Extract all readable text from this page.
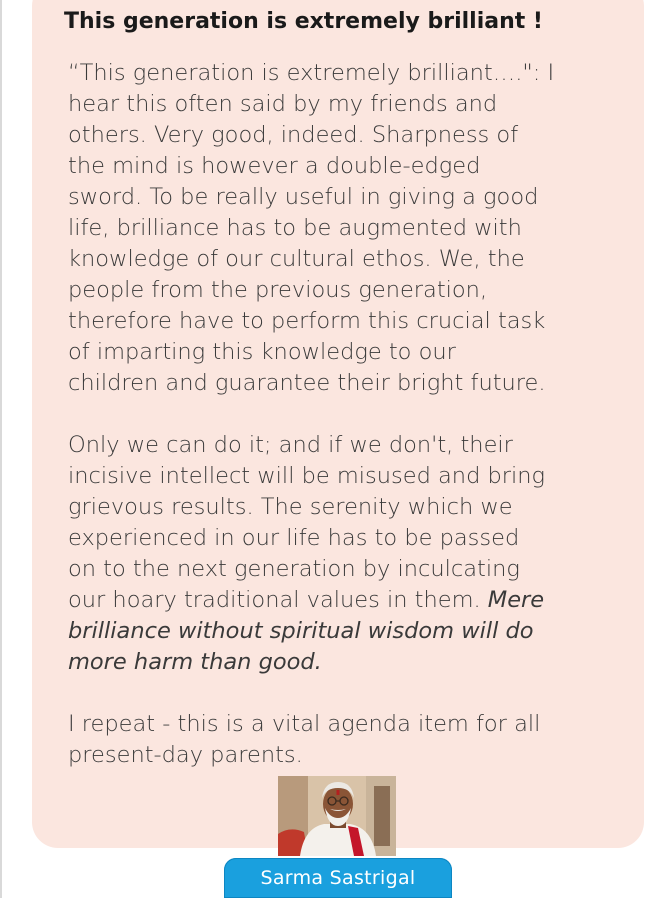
This generation is extremely brilliant !

“This generation is extremely brilliant….": I
hear this often said by my friends and
others. Very good, indeed. Sharpness of
the mind is however a double-edged
sword. To be really useful in giving a good
life, brilliance has to be augmented with
knowledge of our cultural ethos. We, the
people from the previous generation,
therefore have to perform this crucial task
of imparting this knowledge to our
children and guarantee their bright future.

Only we can do it; and if we don't, their
incisive intellect will be misused and bring
grievous results. The serenity which we
experienced in our life has to be passed
on to the next generation by inculcating
our hoary traditional values in them. Mere
brilliance without spiritual wisdom will do
more harm than good.

I repeat - this is a vital agenda item for all
present-day parents.

Sarma Sastrigal
